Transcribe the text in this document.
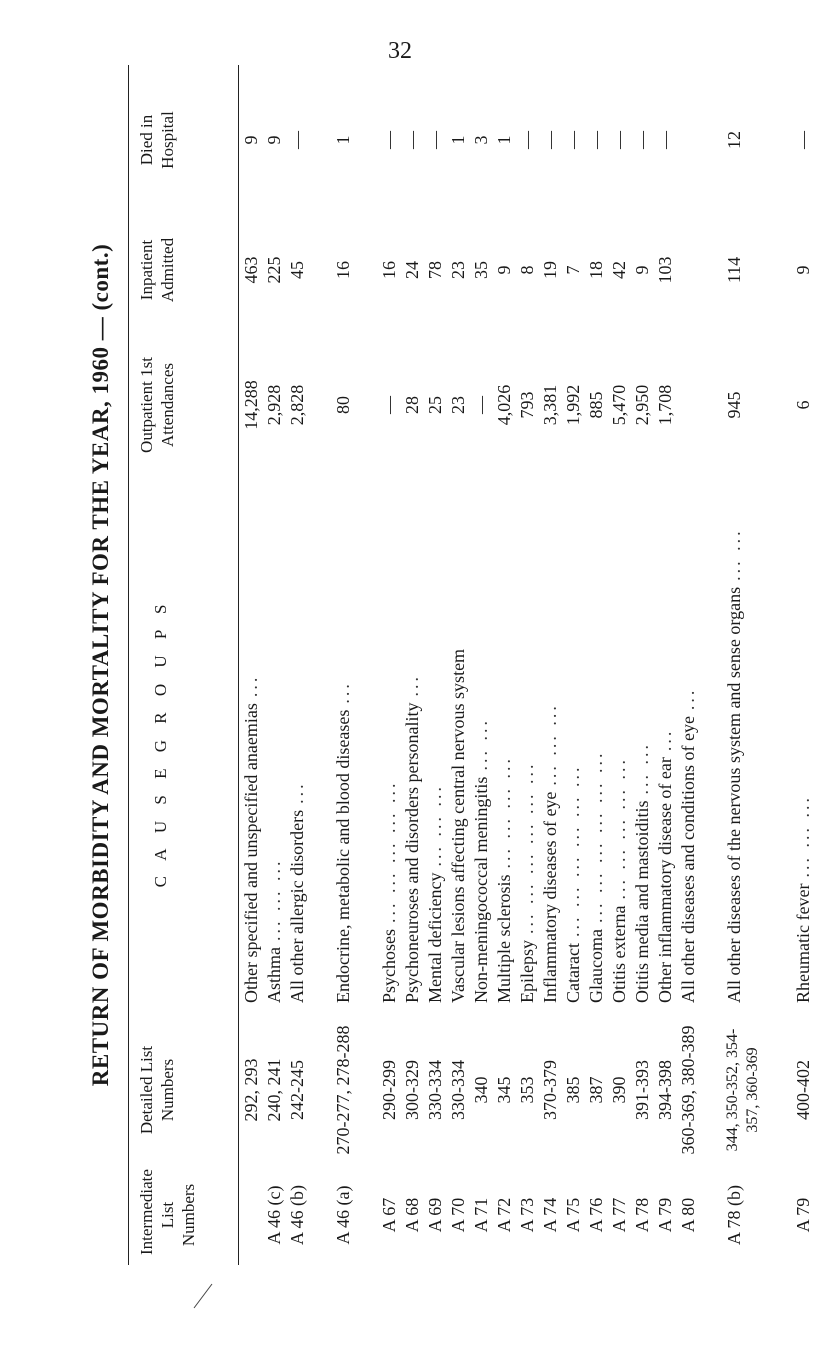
32
RETURN OF MORBIDITY AND MORTALITY FOR THE YEAR, 1960 — (cont.)
Intermediate List Numbers
Detailed List Numbers
C A U S E G R O U P S
Outpatient 1st Attendances
Inpatient Admitted
Died in Hospital
292, 293
Other specified and unspecified anaemias...
14,288
463
9
A 46 (c)
240, 241
Asthma... ... ...
2,928
225
9
A 46 (b)
242-245
All other allergic disorders...
2,828
45
—
A 46 (a)
270-277, 278-288
Endocrine, metabolic and blood diseases...
80
16
1
A 67
290-299
Psychoses... ... ... ... ...
—
16
—
A 68
300-329
Psychoneuroses and disorders personality...
28
24
—
A 69
330-334
Mental deficiency... ... ...
25
78
—
A 70
330-334
Vascular lesions affecting central nervous system
23
23
1
A 71
340
Non-meningococcal meningitis... ...
—
35
3
A 72
345
Multiple sclerosis... ... ... ...
4,026
9
1
A 73
353
Epilepsy... ... ... ... ... ...
793
8
—
A 74
370-379
Inflammatory diseases of eye... ... ...
3,381
19
—
A 75
385
Cataract... ... ... ... ... ...
1,992
7
—
A 76
387
Glaucoma... ... ... ... ... ...
885
18
—
A 77
390
Otitis externa... ... ... ... ...
5,470
42
—
A 78
391-393
Otitis media and mastoiditis... ...
2,950
9
—
A 79
394-398
Other inflammatory disease of ear...
1,708
103
—
A 80
360-369, 380-389
All other diseases and conditions of eye...
A 78 (b)
344, 350-352, 354-357, 360-369
All other diseases of the nervous system and sense organs... ...
945
114
12
A 79
400-402
Rheumatic fever... ... ...
6
9
—
